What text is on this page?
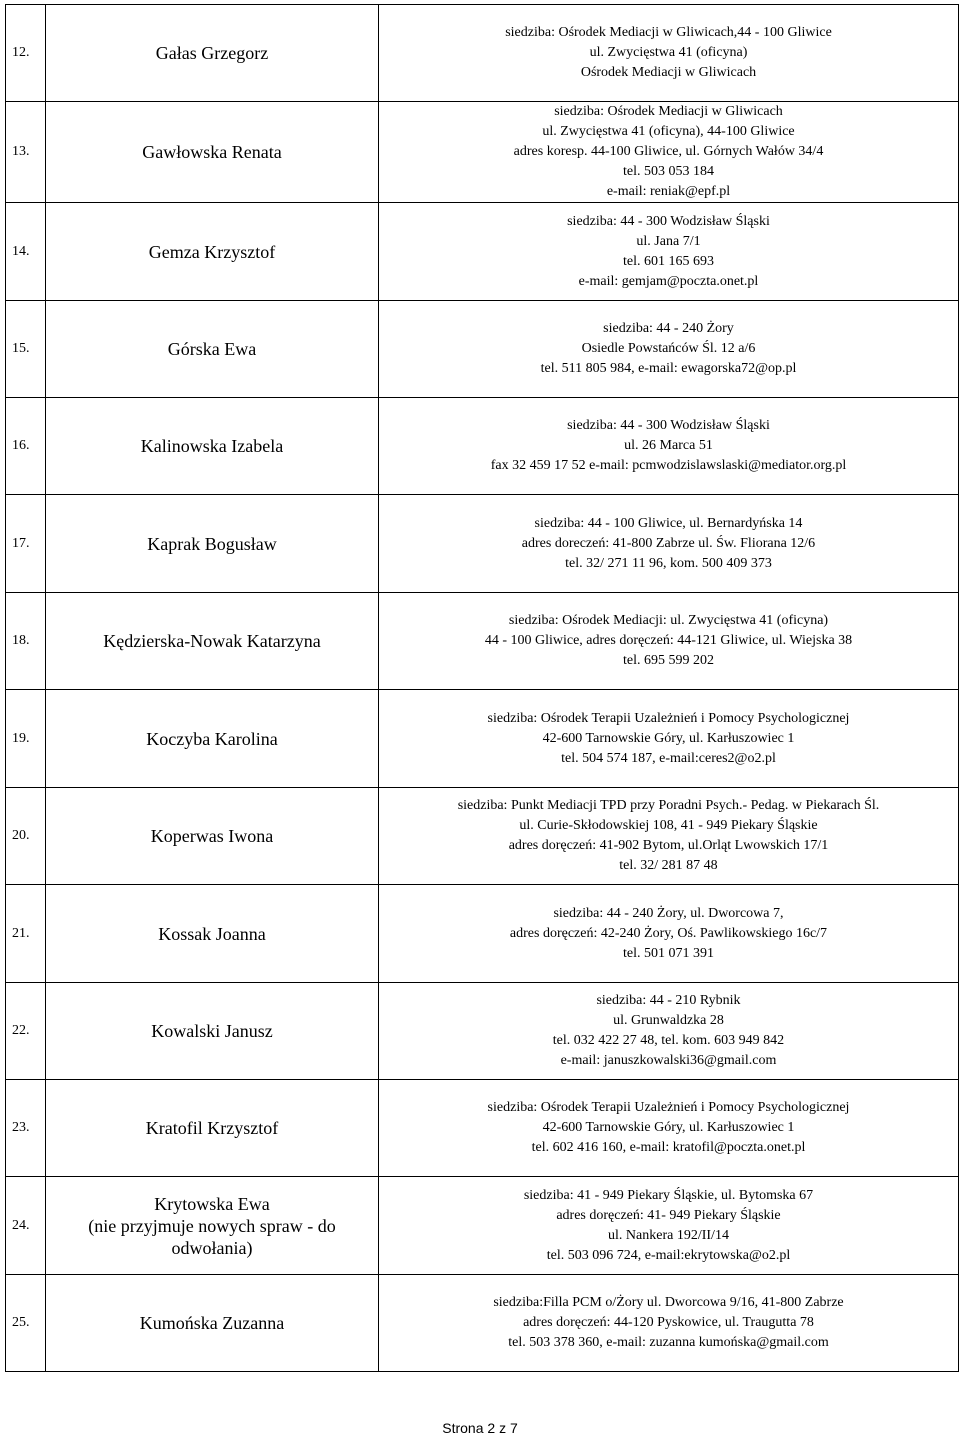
12.	Gałas Grzegorz	siedziba: Ośrodek Mediacji w Gliwicach,44 - 100 Gliwice
ul. Zwycięstwa 41 (oficyna)
Ośrodek Mediacji w Gliwicach

13.	Gawłowska Renata	siedziba: Ośrodek Mediacji w Gliwicach
ul. Zwycięstwa 41 (oficyna), 44-100 Gliwice
adres koresp. 44-100 Gliwice, ul. Górnych Wałów 34/4
tel. 503 053 184
e-mail: reniak@epf.pl

14.	Gemza Krzysztof	siedziba: 44 - 300 Wodzisław Śląski
ul. Jana 7/1
tel. 601 165 693
e-mail: gemjam@poczta.onet.pl

15.	Górska Ewa	siedziba: 44 - 240 Żory
Osiedle Powstańców Śl. 12 a/6
tel. 511 805 984, e-mail: ewagorska72@op.pl

16.	Kalinowska Izabela	siedziba: 44 - 300 Wodzisław Śląski
ul. 26 Marca 51
fax 32 459 17 52 e-mail: pcmwodzislawslaski@mediator.org.pl

17.	Kaprak Bogusław	siedziba: 44 - 100 Gliwice, ul. Bernardyńska 14
adres doreczeń: 41-800 Zabrze ul. Św. Fliorana 12/6
tel. 32/ 271 11 96, kom. 500 409 373

18.	Kędzierska-Nowak Katarzyna	siedziba: Ośrodek Mediacji: ul. Zwycięstwa 41 (oficyna)
44 - 100 Gliwice, adres doręczeń: 44-121 Gliwice, ul. Wiejska 38
tel. 695 599 202

19.	Koczyba Karolina	siedziba: Ośrodek Terapii Uzależnień i Pomocy Psychologicznej
42-600 Tarnowskie Góry, ul. Karłuszowiec 1
tel. 504 574 187, e-mail:ceres2@o2.pl

20.	Koperwas Iwona	siedziba: Punkt Mediacji TPD przy Poradni Psych.- Pedag. w Piekarach Śl.
ul. Curie-Skłodowskiej 108, 41 - 949 Piekary Śląskie
adres doręczeń: 41-902 Bytom, ul.Orląt Lwowskich 17/1
tel. 32/ 281 87 48

21.	Kossak Joanna	siedziba: 44 - 240 Żory, ul. Dworcowa 7,
adres doręczeń: 42-240 Żory, Oś. Pawlikowskiego 16c/7
tel. 501 071 391

22.	Kowalski Janusz	siedziba: 44 - 210 Rybnik
ul. Grunwaldzka 28
tel. 032 422 27 48, tel. kom. 603 949 842
e-mail: januszkowalski36@gmail.com

23.	Kratofil Krzysztof	siedziba: Ośrodek Terapii Uzależnień i Pomocy Psychologicznej
42-600 Tarnowskie Góry, ul. Karłuszowiec 1
tel. 602 416 160, e-mail: kratofil@poczta.onet.pl

24.	Krytowska Ewa
(nie przyjmuje nowych spraw - do odwołania)	siedziba: 41 - 949 Piekary Śląskie, ul. Bytomska 67
adres doręczeń: 41- 949 Piekary Śląskie
ul. Nankera 192/II/14
tel. 503 096 724, e-mail:ekrytowska@o2.pl

25.	Kumońska Zuzanna	siedziba:Filla PCM o/Żory ul. Dworcowa 9/16, 41-800 Zabrze
adres doręczeń: 44-120 Pyskowice, ul. Traugutta 78
tel. 503 378 360, e-mail: zuzanna kumońska@gmail.com
Strona 2 z 7
